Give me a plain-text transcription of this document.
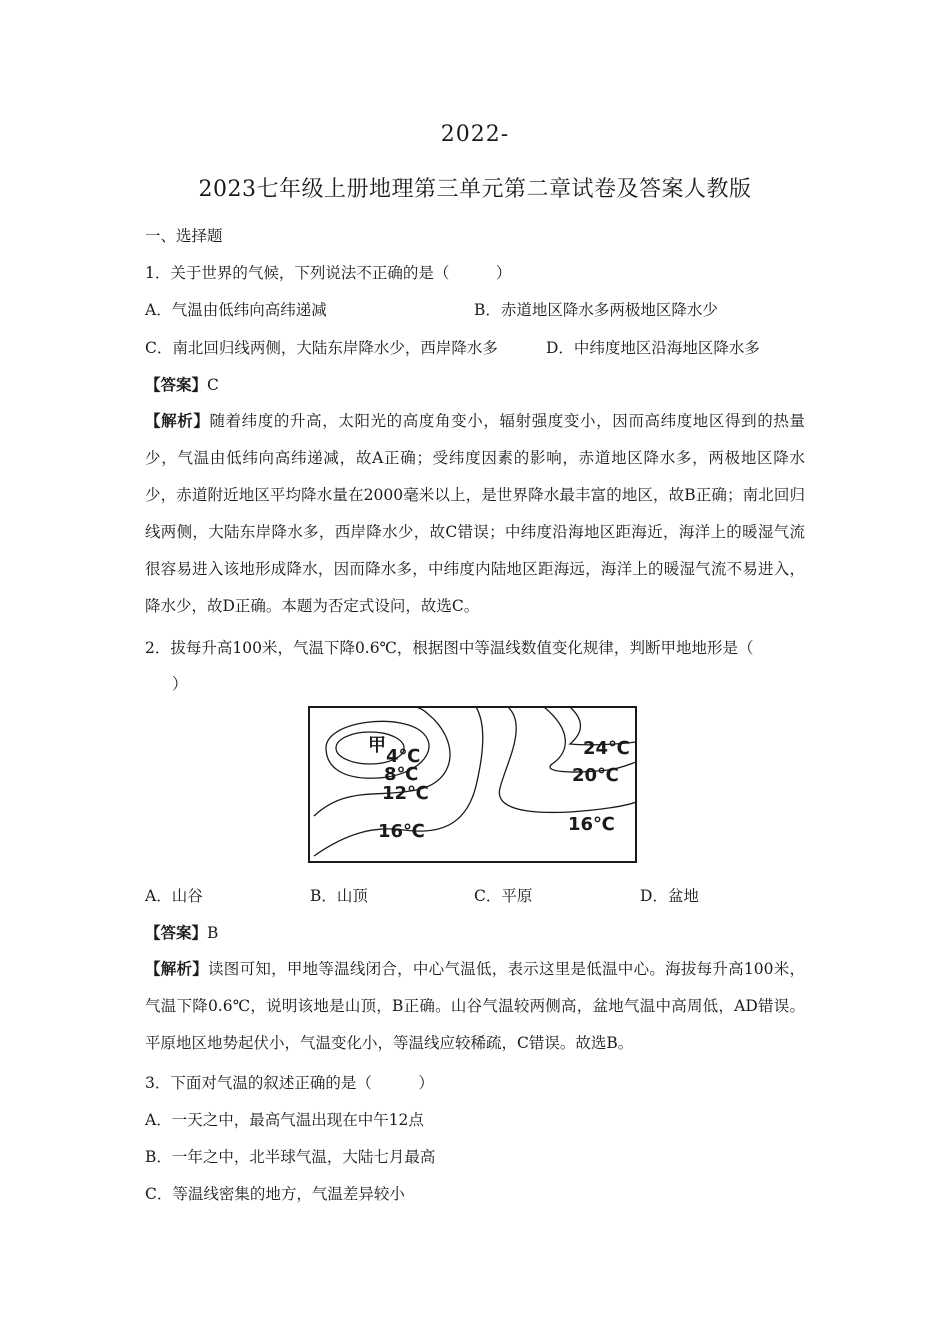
2022-
2023七年级上册地理第三单元第二章试卷及答案人教版
一、选择题
1．关于世界的气候，下列说法不正确的是（　　　）
A．气温由低纬向高纬递减	B．赤道地区降水多两极地区降水少
C．南北回归线两侧，大陆东岸降水少，西岸降水多	D．中纬度地区沿海地区降水多
【答案】C
【解析】随着纬度的升高，太阳光的高度角变小，辐射强度变小，因而高纬度地区得到的热量少，气温由低纬向高纬递减，故A正确；受纬度因素的影响，赤道地区降水多，两极地区降水少，赤道附近地区平均降水量在2000毫米以上，是世界降水最丰富的地区，故B正确；南北回归线两侧，大陆东岸降水多，西岸降水少，故C错误；中纬度沿海地区距海近，海洋上的暖湿气流很容易进入该地形成降水，因而降水多，中纬度内陆地区距海远，海洋上的暖湿气流不易进入，降水少，故D正确。本题为否定式设问，故选C。
2．拔每升高100米，气温下降0.6℃，根据图中等温线数值变化规律，判断甲地地形是（
）
甲
4℃
8℃
12℃
16℃
24℃
20℃
16℃
A．山谷	B．山顶	C．平原	D．盆地
【答案】B
【解析】读图可知，甲地等温线闭合，中心气温低，表示这里是低温中心。海拔每升高100米，气温下降0.6℃，说明该地是山顶，B正确。山谷气温较两侧高，盆地气温中高周低，AD错误。平原地区地势起伏小，气温变化小，等温线应较稀疏，C错误。故选B。
3．下面对气温的叙述正确的是（　　　）
A．一天之中，最高气温出现在中午12点
B．一年之中，北半球气温，大陆七月最高
C．等温线密集的地方，气温差异较小
